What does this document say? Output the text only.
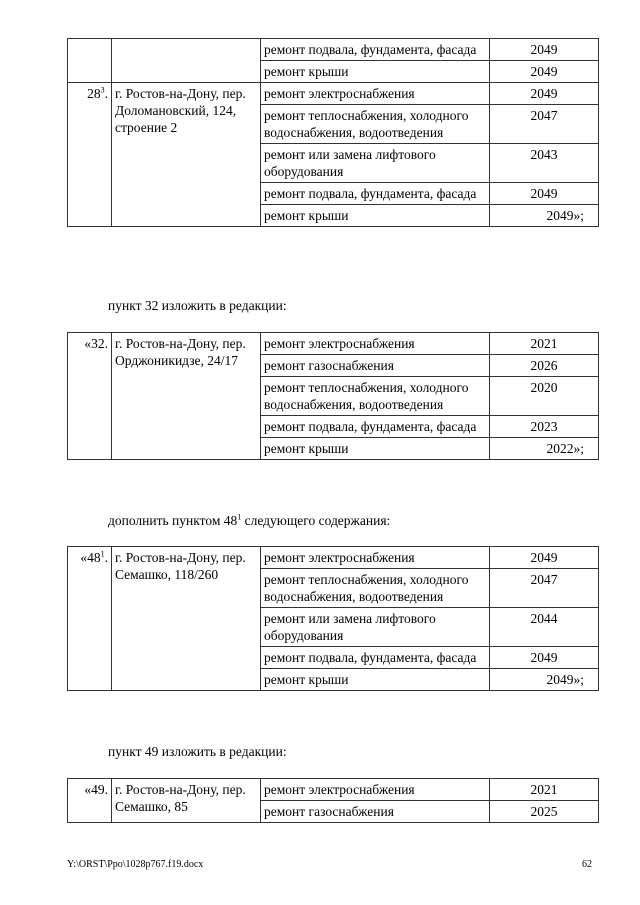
		ремонт подвала, фундамента, фасада	2049
		ремонт крыши	2049
$28^3$.	г. Ростов-на-Дону, пер. Доломановский, 124, строение 2	ремонт электроснабжения	2049
		ремонт теплоснабжения, холодного водоснабжения, водоотведения	2047
		ремонт или замена лифтового оборудования	2043
		ремонт подвала, фундамента, фасада	2049
		ремонт крыши	2049»;
пункт 32 изложить в редакции:
«32.	г. Ростов-на-Дону, пер. Орджоникидзе, 24/17	ремонт электроснабжения	2021
		ремонт газоснабжения	2026
		ремонт теплоснабжения, холодного водоснабжения, водоотведения	2020
		ремонт подвала, фундамента, фасада	2023
		ремонт крыши	2022»;
дополнить пунктом $48^1$ следующего содержания:
«$48^1$.	г. Ростов-на-Дону, пер. Семашко, 118/260	ремонт электроснабжения	2049
		ремонт теплоснабжения, холодного водоснабжения, водоотведения	2047
		ремонт или замена лифтового оборудования	2044
		ремонт подвала, фундамента, фасада	2049
		ремонт крыши	2049»;
пункт 49 изложить в редакции:
«49.	г. Ростов-на-Дону, пер. Семашко, 85	ремонт электроснабжения	2021
		ремонт газоснабжения	2025
Y:\ORST\Ppo\1028p767.f19.docx	62
